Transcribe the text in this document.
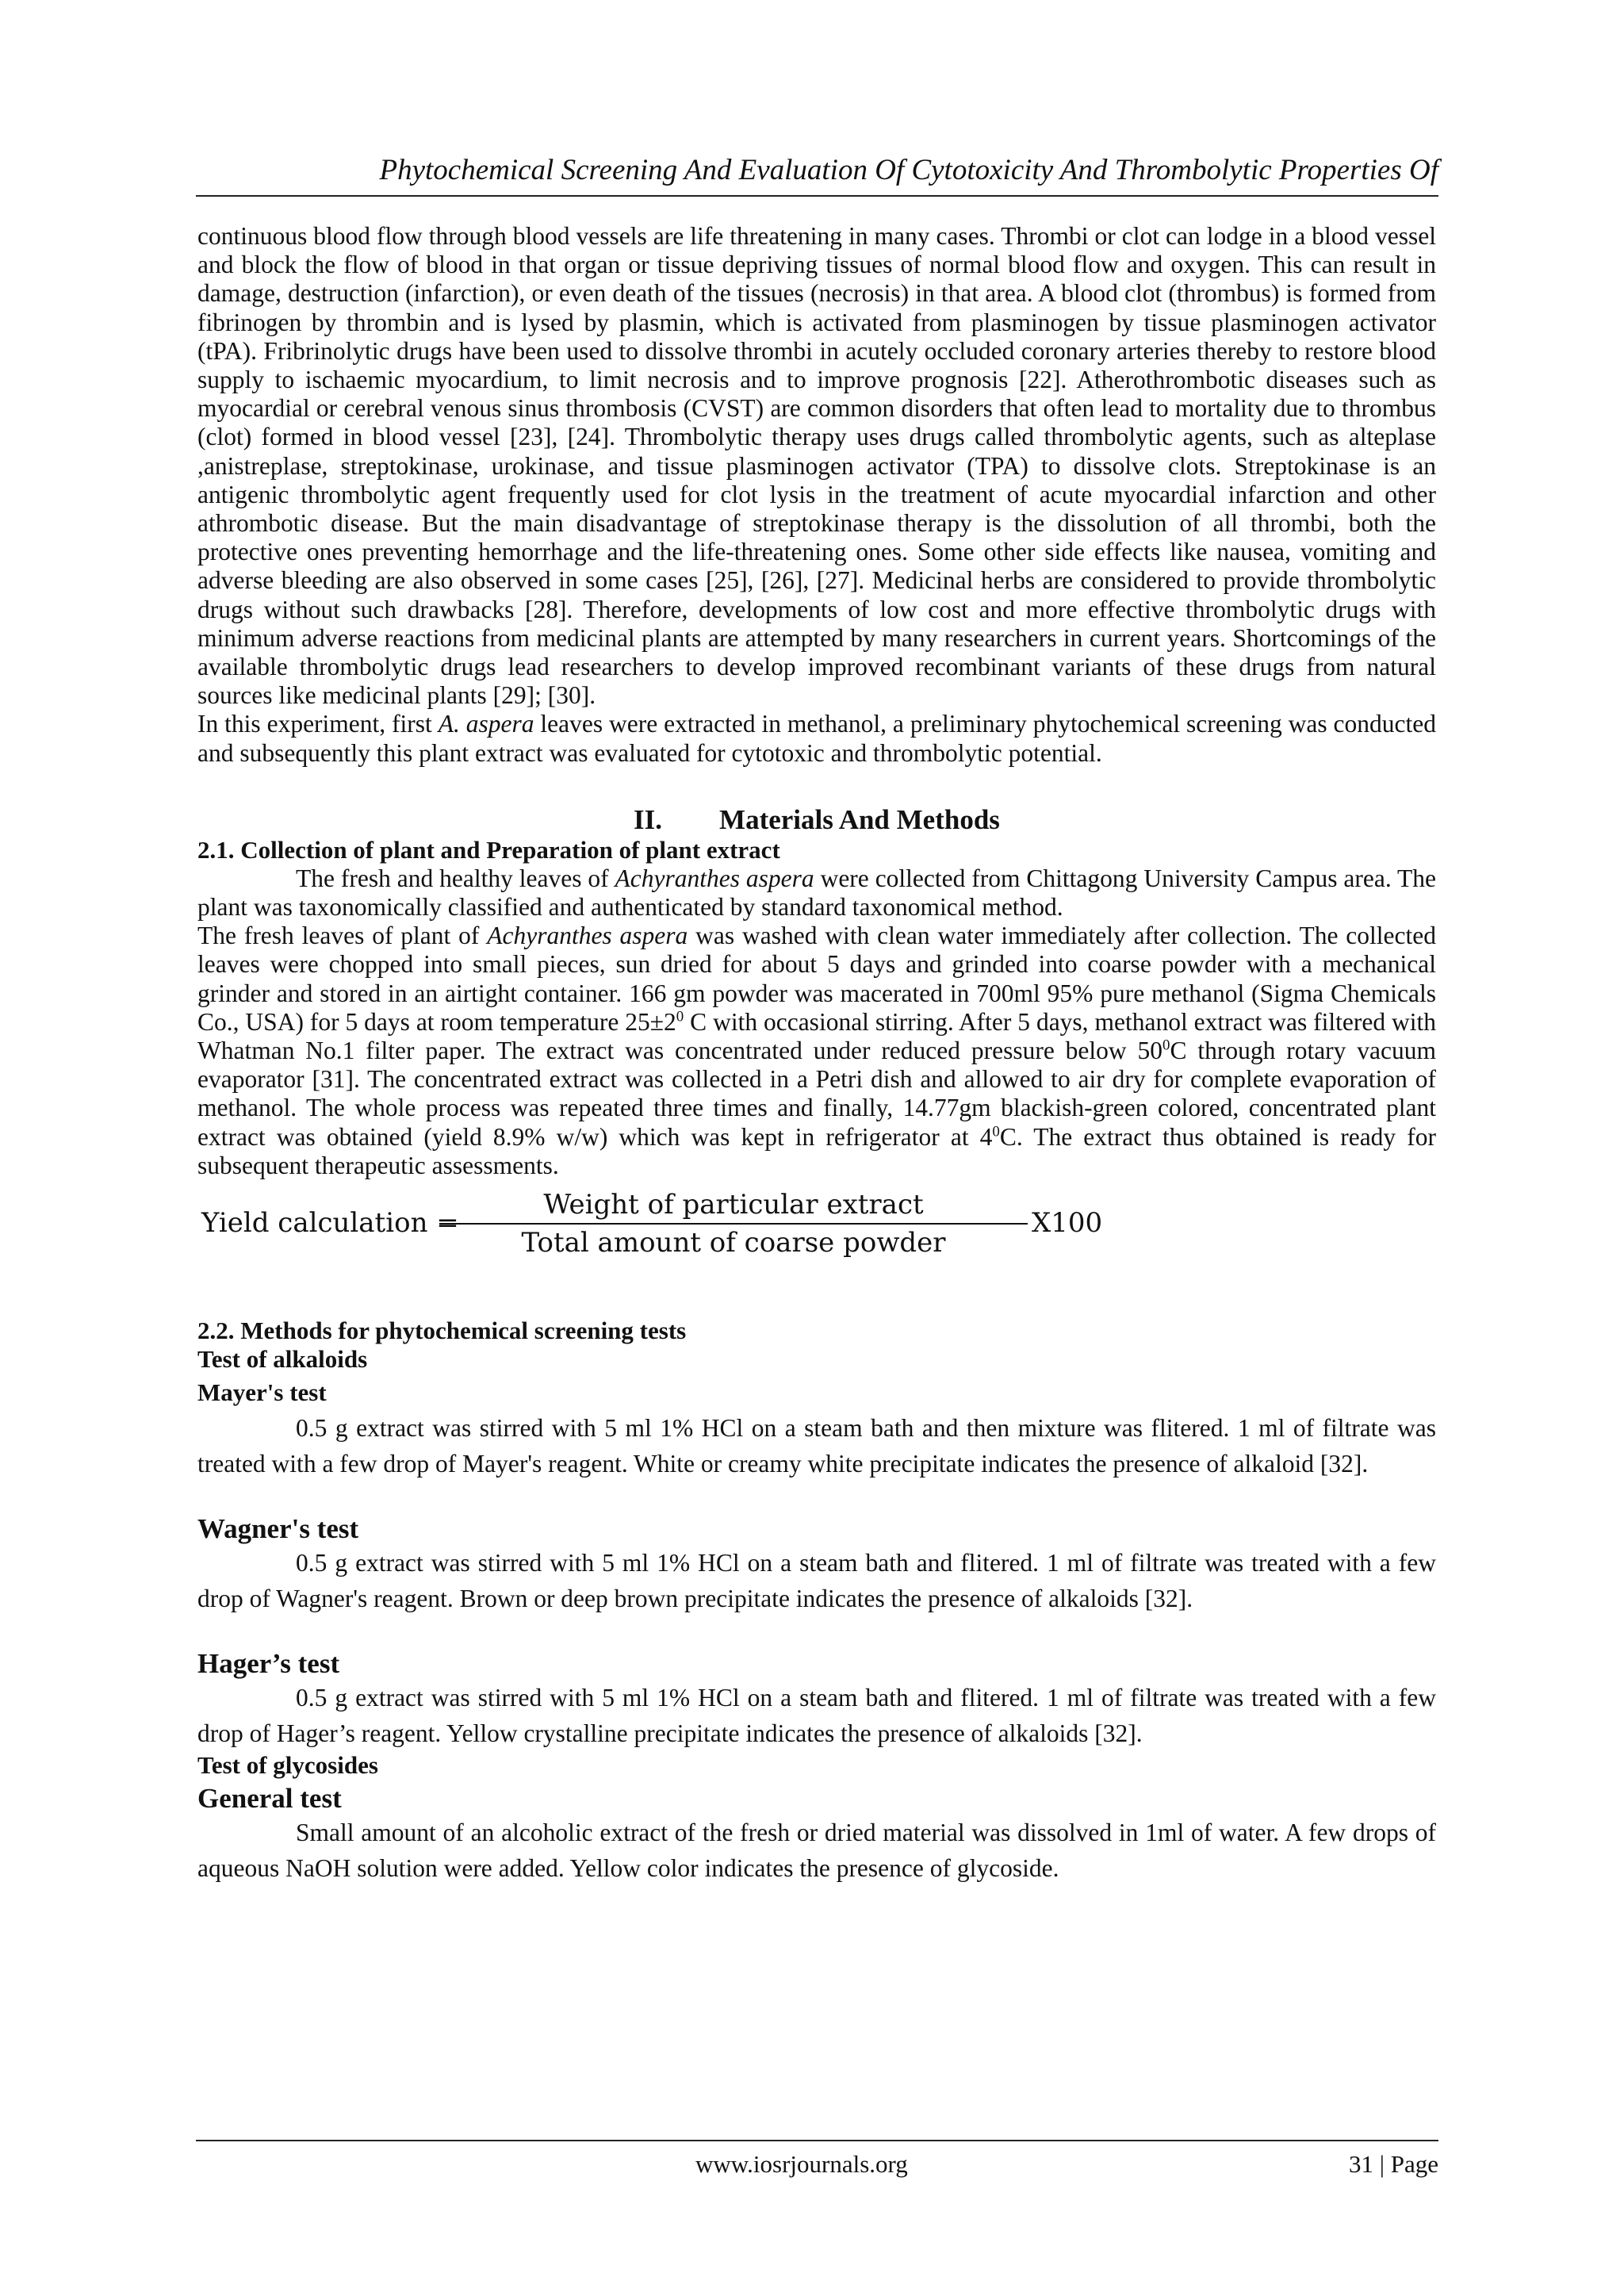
Phytochemical Screening And Evaluation Of Cytotoxicity And Thrombolytic Properties Of

continuous blood flow through blood vessels are life threatening in many cases. Thrombi or clot can lodge in a blood vessel and block the flow of blood in that organ or tissue depriving tissues of normal blood flow and oxygen. This can result in damage, destruction (infarction), or even death of the tissues (necrosis) in that area. A blood clot (thrombus) is formed from fibrinogen by thrombin and is lysed by plasmin, which is activated from plasminogen by tissue plasminogen activator (tPA). Fribrinolytic drugs have been used to dissolve thrombi in acutely occluded coronary arteries thereby to restore blood supply to ischaemic myocardium, to limit necrosis and to improve prognosis [22]. Atherothrombotic diseases such as myocardial or cerebral venous sinus thrombosis (CVST) are common disorders that often lead to mortality due to thrombus (clot) formed in blood vessel [23], [24]. Thrombolytic therapy uses drugs called thrombolytic agents, such as alteplase ,anistreplase, streptokinase, urokinase, and tissue plasminogen activator (TPA) to dissolve clots. Streptokinase is an antigenic thrombolytic agent frequently used for clot lysis in the treatment of acute myocardial infarction and other athrombotic disease. But the main disadvantage of streptokinase therapy is the dissolution of all thrombi, both the protective ones preventing hemorrhage and the life-threatening ones. Some other side effects like nausea, vomiting and adverse bleeding are also observed in some cases [25], [26], [27]. Medicinal herbs are considered to provide thrombolytic drugs without such drawbacks [28]. Therefore, developments of low cost and more effective thrombolytic drugs with minimum adverse reactions from medicinal plants are attempted by many researchers in current years. Shortcomings of the available thrombolytic drugs lead researchers to develop improved recombinant variants of these drugs from natural sources like medicinal plants [29]; [30].

In this experiment, first A. aspera leaves were extracted in methanol, a preliminary phytochemical screening was conducted and subsequently this plant extract was evaluated for cytotoxic and thrombolytic potential.

II. Materials And Methods
2.1. Collection of plant and Preparation of plant extract

The fresh and healthy leaves of Achyranthes aspera were collected from Chittagong University Campus area. The plant was taxonomically classified and authenticated by standard taxonomical method.

The fresh leaves of plant of Achyranthes aspera was washed with clean water immediately after collection. The collected leaves were chopped into small pieces, sun dried for about 5 days and grinded into coarse powder with a mechanical grinder and stored in an airtight container. 166 gm powder was macerated in 700ml 95% pure methanol (Sigma Chemicals Co., USA) for 5 days at room temperature $25\pm 2^0$ C with occasional stirring. After 5 days, methanol extract was filtered with Whatman No.1 filter paper. The extract was concentrated under reduced pressure below $50^0C$ through rotary vacuum evaporator [31]. The concentrated extract was collected in a Petri dish and allowed to air dry for complete evaporation of methanol. The whole process was repeated three times and finally, 14.77gm blackish-green colored, concentrated plant extract was obtained (yield 8.9% w/w) which was kept in refrigerator at $4^0C$. The extract thus obtained is ready for subsequent therapeutic assessments.

Yield calculation =
Weight of particular extract
Total amount of coarse powder
X100
2.2. Methods for phytochemical screening tests
Test of alkaloids
Mayer's test

0.5 g extract was stirred with 5 ml 1% HCl on a steam bath and then mixture was flitered. 1 ml of filtrate was treated with a few drop of Mayer's reagent. White or creamy white precipitate indicates the presence of alkaloid [32].

Wagner's test

0.5 g extract was stirred with 5 ml 1% HCl on a steam bath and flitered. 1 ml of filtrate was treated with a few drop of Wagner's reagent. Brown or deep brown precipitate indicates the presence of alkaloids [32].

Hager’s test

0.5 g extract was stirred with 5 ml 1% HCl on a steam bath and flitered. 1 ml of filtrate was treated with a few drop of Hager’s reagent. Yellow crystalline precipitate indicates the presence of alkaloids [32].

Test of glycosides
General test

Small amount of an alcoholic extract of the fresh or dried material was dissolved in 1ml of water. A few drops of aqueous NaOH solution were added. Yellow color indicates the presence of glycoside.

www.iosrjournals.org	31 | Page
